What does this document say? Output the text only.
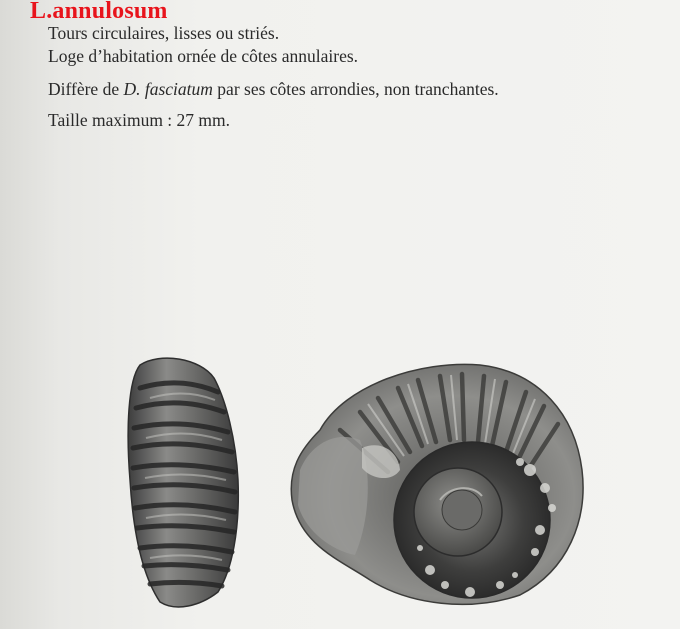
L.annulosum
Tours circulaires, lisses ou striés.
Loge d’habitation ornée de côtes annulaires.
Diffère de D. fasciatum par ses côtes arrondies, non tranchantes.
Taille maximum : 27 mm.
